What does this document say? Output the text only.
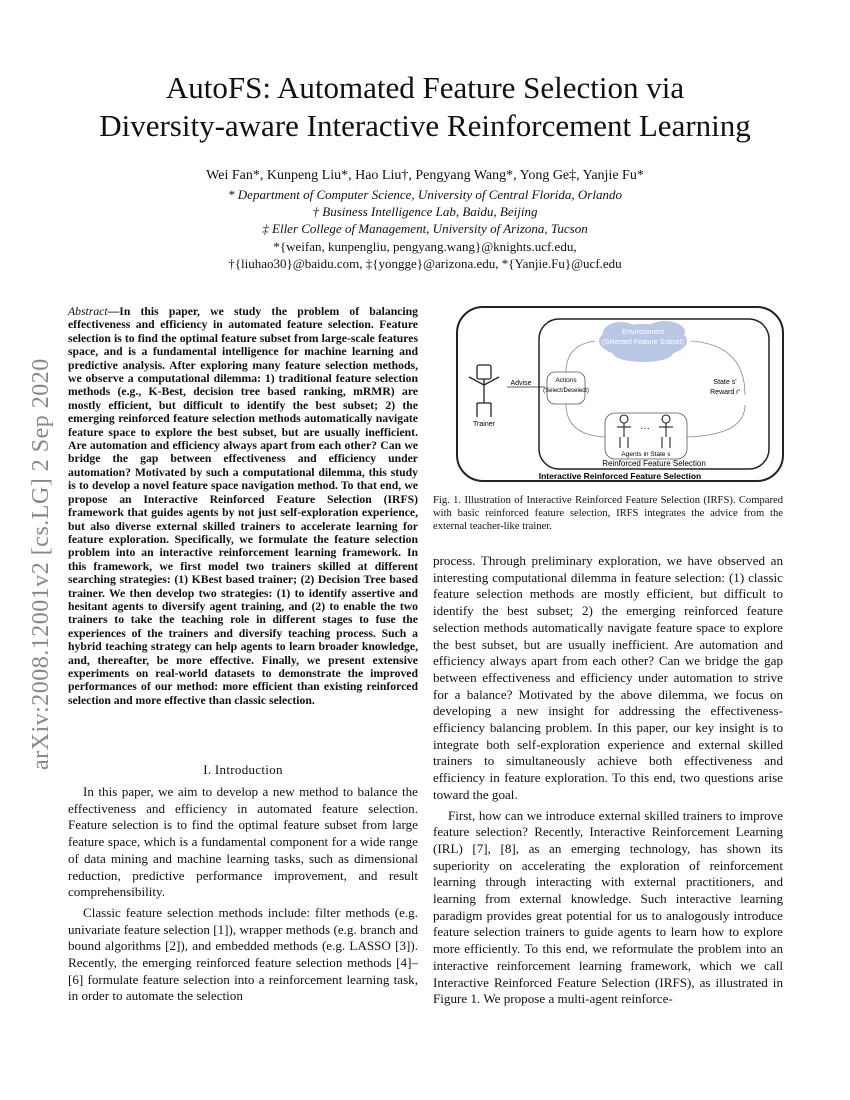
AutoFS: Automated Feature Selection via
Diversity-aware Interactive Reinforcement Learning
Wei Fan*, Kunpeng Liu*, Hao Liu†, Pengyang Wang*, Yong Ge‡, Yanjie Fu*
* Department of Computer Science, University of Central Florida, Orlando
† Business Intelligence Lab, Baidu, Beijing
‡ Eller College of Management, University of Arizona, Tucson
*{weifan, kunpengliu, pengyang.wang}@knights.ucf.edu,
†{liuhao30}@baidu.com, ‡{yongge}@arizona.edu, *{Yanjie.Fu}@ucf.edu
arXiv:2008.12001v2 [cs.LG] 2 Sep 2020
Abstract—In this paper, we study the problem of balancing effectiveness and efficiency in automated feature selection. Feature selection is to find the optimal feature subset from large-scale features space, and is a fundamental intelligence for machine learning and predictive analysis. After exploring many feature selection methods, we observe a computational dilemma: 1) traditional feature selection methods (e.g., K-Best, decision tree based ranking, mRMR) are mostly efficient, but difficult to identify the best subset; 2) the emerging reinforced feature selection methods automatically navigate feature space to explore the best subset, but are usually inefficient. Are automation and efficiency always apart from each other? Can we bridge the gap between effectiveness and efficiency under automation? Motivated by such a computational dilemma, this study is to develop a novel feature space navigation method. To that end, we propose an Interactive Reinforced Feature Selection (IRFS) framework that guides agents by not just self-exploration experience, but also diverse external skilled trainers to accelerate learning for feature exploration. Specifically, we formulate the feature selection problem into an interactive reinforcement learning framework. In this framework, we first model two trainers skilled at different searching strategies: (1) KBest based trainer; (2) Decision Tree based trainer. We then develop two strategies: (1) to identify assertive and hesitant agents to diversify agent training, and (2) to enable the two trainers to take the teaching role in different stages to fuse the experiences of the trainers and diversify teaching process. Such a hybrid teaching strategy can help agents to learn broader knowledge, and, thereafter, be more effective. Finally, we present extensive experiments on real-world datasets to demonstrate the improved performances of our method: more efficient than existing reinforced selection and more effective than classic selection.
I. Introduction

In this paper, we aim to develop a new method to balance the effectiveness and efficiency in automated feature selection. Feature selection is to find the optimal feature subset from large feature space, which is a fundamental component for a wide range of data mining and machine learning tasks, such as dimensional reduction, predictive performance improvement, and result comprehensibility.

Classic feature selection methods include: filter methods (e.g. univariate feature selection [1]), wrapper methods (e.g. branch and bound algorithms [2]), and embedded methods (e.g. LASSO [3]). Recently, the emerging reinforced feature selection methods [4]–[6] formulate feature selection into a reinforcement learning task, in order to automate the selection

Environment
(Selected Feature Subset)
Actions
(Select/Deselect)
Advise	State s'
Reward r'
Trainer	···
Agents in State s
Reinforced Feature Selection
Interactive Reinforced Feature Selection
Fig. 1. Illustration of Interactive Reinforced Feature Selection (IRFS). Compared with basic reinforced feature selection, IRFS integrates the advice from the external teacher-like trainer.

process. Through preliminary exploration, we have observed an interesting computational dilemma in feature selection: (1) classic feature selection methods are mostly efficient, but difficult to identify the best subset; 2) the emerging reinforced feature selection methods automatically navigate feature space to explore the best subset, but are usually inefficient. Are automation and efficiency always apart from each other? Can we bridge the gap between effectiveness and efficiency under automation to strive for a balance? Motivated by the above dilemma, we focus on developing a new insight for addressing the effectiveness-efficiency balancing problem. In this paper, our key insight is to integrate both self-exploration experience and external skilled trainers to simultaneously achieve both effectiveness and efficiency in feature exploration. To this end, two questions arise toward the goal.

First, how can we introduce external skilled trainers to improve feature selection? Recently, Interactive Reinforcement Learning (IRL) [7], [8], as an emerging technology, has shown its superiority on accelerating the exploration of reinforcement learning through interacting with external practitioners, and learning from external knowledge. Such interactive learning paradigm provides great potential for us to analogously introduce feature selection trainers to guide agents to learn how to explore more efficiently. To this end, we reformulate the problem into an interactive reinforcement learning framework, which we call Interactive Reinforced Feature Selection (IRFS), as illustrated in Figure 1. We propose a multi-agent reinforce-
